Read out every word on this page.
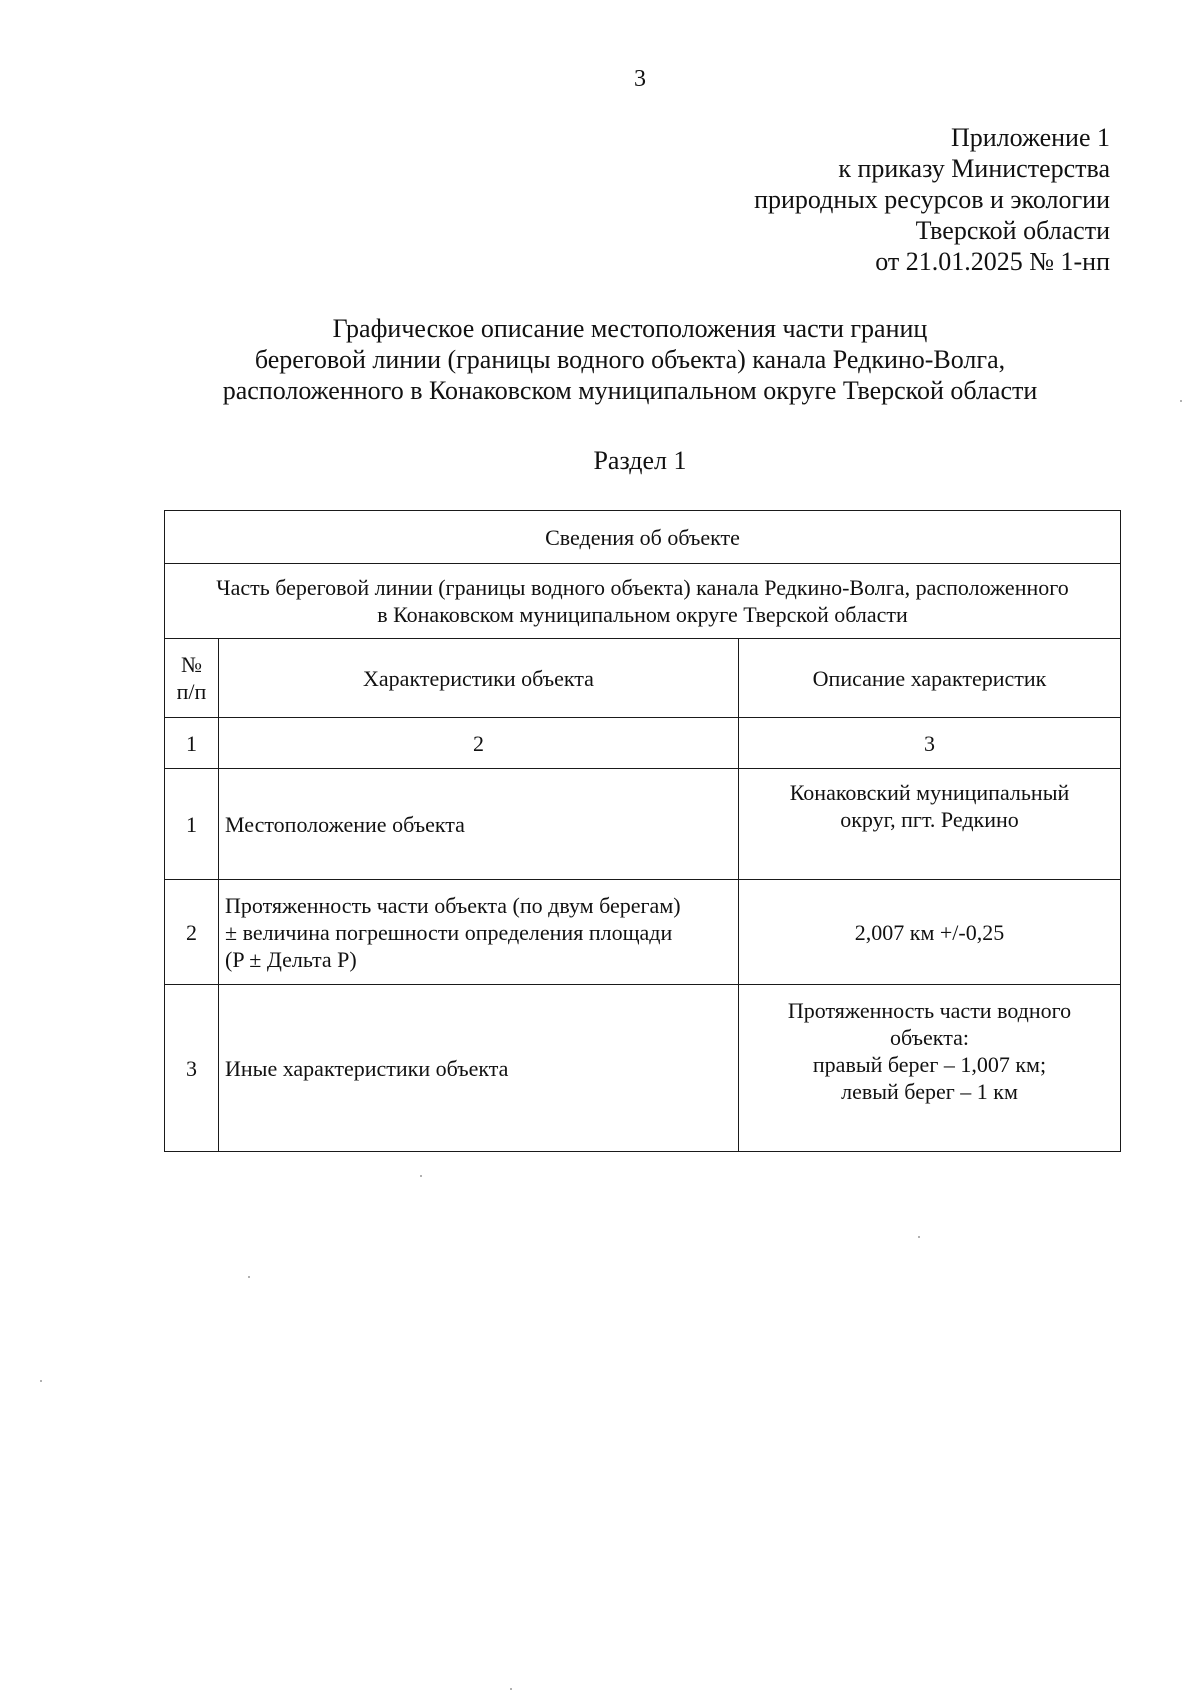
3
Приложение 1
к приказу Министерства
природных ресурсов и экологии
Тверской области
от 21.01.2025 № 1-нп
Графическое описание местоположения части границ
береговой линии (границы водного объекта) канала Редкино-Волга,
расположенного в Конаковском муниципальном округе Тверской области
Раздел 1
Сведения об объекте		

Часть береговой линии (границы водного объекта) канала Редкино-Волга, расположенного
в Конаковском муниципальном округе Тверской области		

№
п/п	Характеристики объекта	Описание характеристик
1	2	3
1	Местоположение объекта	Конаковский муниципальный
округ, пгт. Редкино

2	Протяженность части объекта (по двум берегам)
± величина погрешности определения площади
(P ± Дельта P)	2,007 км +/-0,25

3	Иные характеристики объекта	Протяженность части водного
объекта:
правый берег – 1,007 км;
левый берег – 1 км
